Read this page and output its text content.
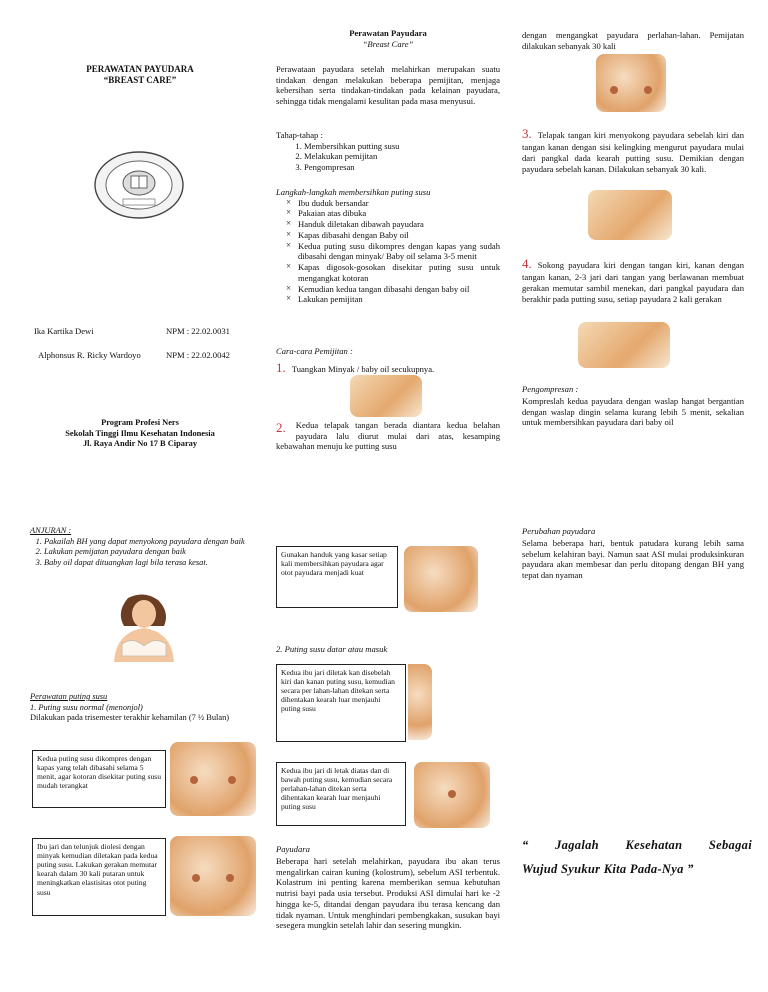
PERAWATAN PAYUDARA
“BREAST CARE”
Ika Kartika Dewi	NPM : 22.02.0031
Alphonsus R. Ricky Wardoyo	NPM : 22.02.0042
Program Profesi Ners
Sekolah Tinggi Ilmu Kesehatan Indonesia
Jl. Raya Andir No 17 B Ciparay
ANJURAN :
1. Pakailah BH yang dapat menyokong payudara dengan baik
2. Lakukan pemijatan payudara dengan baik
3. Baby oil dapat dituangkan lagi bila terasa kesat.
Perawatan puting susu
1. Puting susu normal (menonjol)
Dilakukan pada trisemester terakhir kehamilan (7 ½ Bulan)
Kedua puting susu dikompres dengan kapas yang telah dibasahi selama 5 menit, agar kotoran disekitar puting susu mudah terangkat
Ibu jari dan telunjuk diolesi dengan minyak kemudian diletakan pada kedua puting susu. Lakukan gerakan memutar kearah dalam 30 kali putaran untuk meningkatkan elastisitas otot puting susu
Perawatan Payudara
“Breast Care”
Perawataan payudara setelah melahirkan merupakan suatu tindakan dengan melakukan beberapa pemijitan, menjaga kebersihan serta tindakan-tindakan pada kelainan payudara, sehingga tidak mengalami kesulitan pada masa menyusui.
Tahap-tahap :
1. Membersihkan putting susu
2. Melakukan pemijitan
3. Pengompresan
Langkah-langkah membersihkan puting susu
× Ibu duduk bersandar
× Pakaian atas dibuka
× Handuk diletakan dibawah payudara
× Kapas dibasahi dengan Baby oil
× Kedua puting susu dikompres dengan kapas yang sudah dibasahi dengan minyak/ Baby oil selama 3-5 menit
× Kapas digosok-gosokan disekitar puting susu untuk mengangkat kotoran
× Kemudian kedua tangan dibasahi dengan baby oil
× Lakukan pemijitan
Cara-cara Pemijitan :
1. Tuangkan Minyak / baby oil secukupnya.
2. Kedua telapak tangan berada diantara kedua belahan payudara lalu diurut mulai dari atas, kesamping kebawahan menuju ke putting susu
Gunakan handuk yang kasar setiap kali membersihkan payudara agar otot payudara menjadi kuat
2. Puting susu datar atau masuk
Kedua ibu jari diletak kan disebelah kiri dan kanan puting susu, kemudian secara per lahan-lahan ditekan serta dihentakan kearah luar menjauhi puting susu
Kedua ibu jari di letak diatas dan di bawah puting susu, kemudian secara perlahan-lahan ditekan serta dihentakan kearah luar menjauhi puting susu
Payudara
Beberapa hari setelah melahirkan, payudara ibu akan terus mengalirkan cairan kuning (kolostrum), sebelum ASI terbentuk. Kolastrum ini penting karena memberikan semua kebutuhan nutrisi bayi pada usia tersebut. Produksi ASI dimulai hari ke -2 hingga ke-5, ditandai dengan payudara ibu terasa kencang dan tidak nyaman. Untuk menghindari pembengkakan, susukan bayi sesegera mungkin setelah lahir dan sesering mungkin.
dengan mengangkat payudara perlahan-lahan. Pemijatan dilakukan sebanyak 30 kali
3. Telapak tangan kiri menyokong payudara sebelah kiri dan tangan kanan dengan sisi kelingking mengurut payudara mulai dari pangkal dada kearah putting susu. Demikian dengan payudara sebelah kanan. Dilakukan sebanyak 30 kali.
4. Sokong payudara kiri dengan tangan kiri, kanan dengan tangan kanan, 2-3 jari dari tangan yang berlawanan membuat gerakan memutar sambil menekan, dari pangkal payudara dan berakhir pada putting susu, setiap payudara 2 kali gerakan
Pengompresan :
Kompreslah kedua payudara dengan waslap hangat bergantian dengan waslap dingin selama kurang lebih 5 menit, sekalian untuk membersihkan payudara dari baby oil
Perubahan payudara
Selama beberapa hari, bentuk patudara kurang lebih sama sebelum kelahiran bayi. Namun saat ASI mulai produksinkuran payudara akan membesar dan perlu ditopang dengan BH yang tepat dan nyaman
“ Jagalah Kesehatan Sebagai
Wujud Syukur Kita Pada-Nya ”
